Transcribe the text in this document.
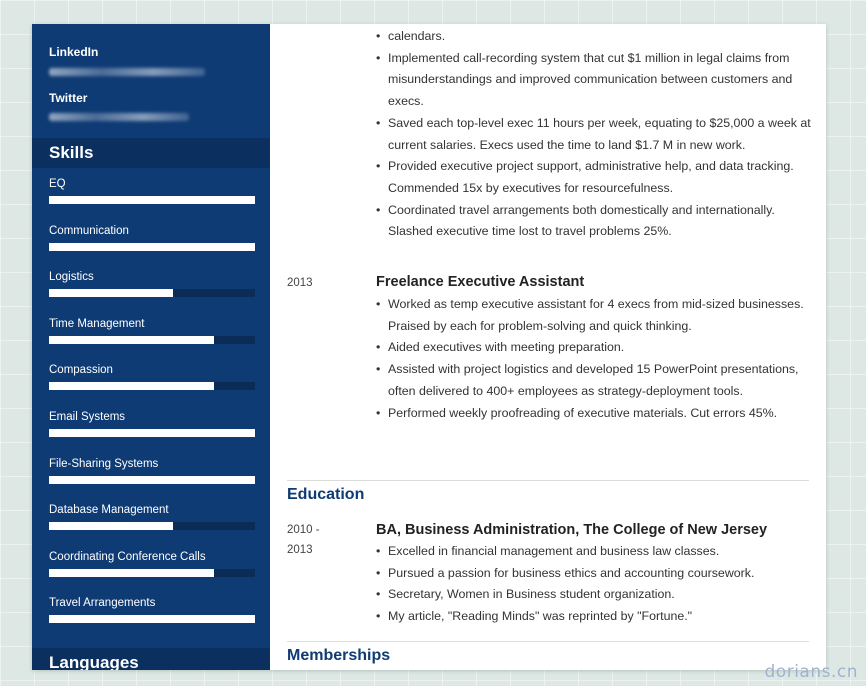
LinkedIn
Twitter
Skills
EQ
Communication
Logistics
Time Management
Compassion
Email Systems
File-Sharing Systems
Database Management
Coordinating Conference Calls
Travel Arrangements
Languages
• calendars.
• Implemented call-recording system that cut $1 million in legal claims from misunderstandings and improved communication between customers and execs.
• Saved each top-level exec 11 hours per week, equating to $25,000 a week at current salaries. Execs used the time to land $1.7 M in new work.
• Provided executive project support, administrative help, and data tracking. Commended 15x by executives for resourcefulness.
• Coordinated travel arrangements both domestically and internationally. Slashed executive time lost to travel problems 25%.
2013	Freelance Executive Assistant
• Worked as temp executive assistant for 4 execs from mid-sized businesses. Praised by each for problem-solving and quick thinking.
• Aided executives with meeting preparation.
• Assisted with project logistics and developed 15 PowerPoint presentations, often delivered to 400+ employees as strategy-deployment tools.
• Performed weekly proofreading of executive materials. Cut errors 45%.
Education
2010 -
2013
BA, Business Administration, The College of New Jersey
• Excelled in financial management and business law classes.
• Pursued a passion for business ethics and accounting coursework.
• Secretary, Women in Business student organization.
• My article, "Reading Minds" was reprinted by "Fortune."
Memberships
dorians.cn
